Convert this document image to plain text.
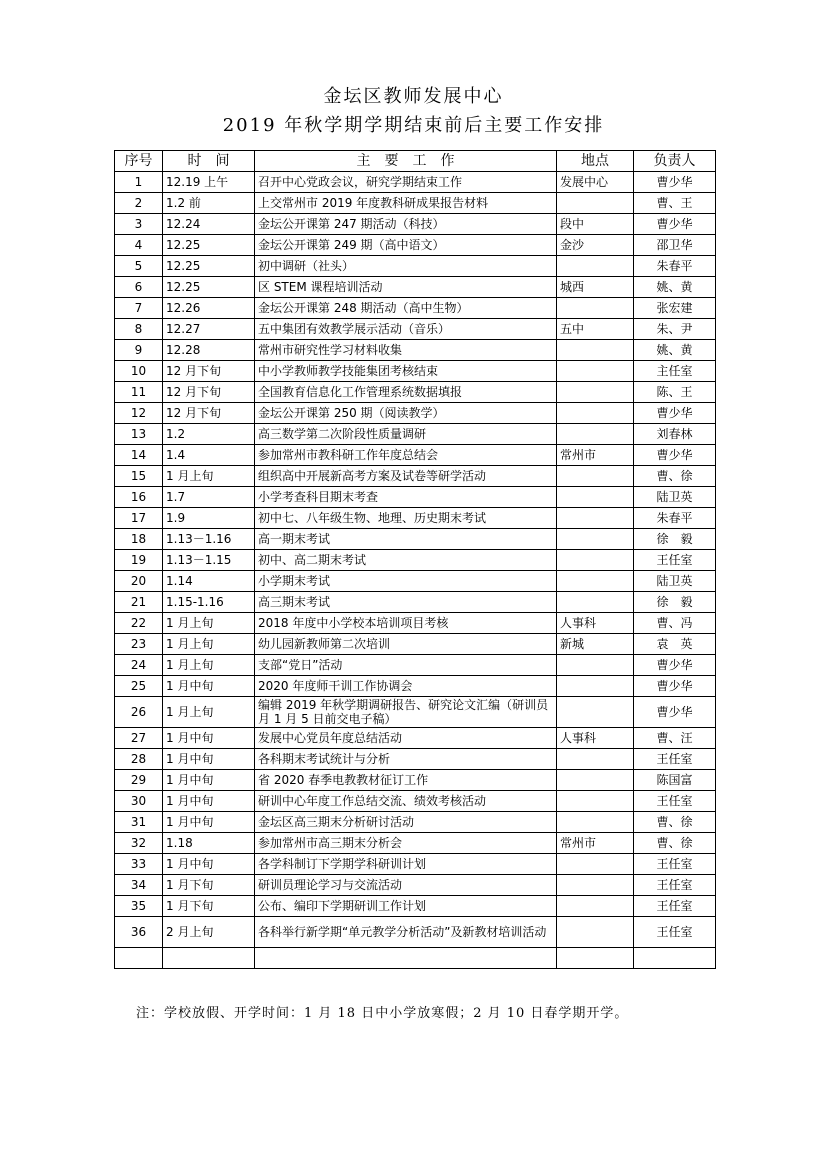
金坛区教师发展中心
2019 年秋学期学期结束前后主要工作安排
序号	时　间	主　要　工　作	地点	负责人
1	12.19 上午	召开中心党政会议，研究学期结束工作	发展中心	曹少华
2	1.2 前	上交常州市 2019 年度教科研成果报告材料		曹、王
3	12.24	金坛公开课第 247 期活动（科技）	段中	曹少华
4	12.25	金坛公开课第 249 期（高中语文）	金沙	邵卫华
5	12.25	初中调研（社头）		朱春平
6	12.25	区 STEM 课程培训活动	城西	姚、黄
7	12.26	金坛公开课第 248 期活动（高中生物）		张宏建
8	12.27	五中集团有效教学展示活动（音乐）	五中	朱、尹
9	12.28	常州市研究性学习材料收集		姚、黄
10	12 月下旬	中小学教师教学技能集团考核结束		主任室
11	12 月下旬	全国教育信息化工作管理系统数据填报		陈、王
12	12 月下旬	金坛公开课第 250 期（阅读教学）		曹少华
13	1.2	高三数学第二次阶段性质量调研		刘春林
14	1.4	参加常州市教科研工作年度总结会	常州市	曹少华
15	1 月上旬	组织高中开展新高考方案及试卷等研学活动		曹、徐
16	1.7	小学考查科目期末考查		陆卫英
17	1.9	初中七、八年级生物、地理、历史期末考试		朱春平
18	1.13－1.16	高一期末考试		徐　毅
19	1.13－1.15	初中、高二期末考试		王任室
20	1.14	小学期末考试		陆卫英
21	1.15-1.16	高三期末考试		徐　毅
22	1 月上旬	2018 年度中小学校本培训项目考核	人事科	曹、冯
23	1 月上旬	幼儿园新教师第二次培训	新城	袁　英
24	1 月上旬	支部“党日”活动		曹少华
25	1 月中旬	2020 年度师干训工作协调会		曹少华
26	1 月上旬	编辑 2019 年秋学期调研报告、研究论文汇编（研训员月 1 月 5 日前交电子稿）		曹少华
27	1 月中旬	发展中心党员年度总结活动	人事科	曹、汪
28	1 月中旬	各科期末考试统计与分析		王任室
29	1 月中旬	省 2020 春季电教教材征订工作		陈国富
30	1 月中旬	研训中心年度工作总结交流、绩效考核活动		王任室
31	1 月中旬	金坛区高三期末分析研讨活动		曹、徐
32	1.18	参加常州市高三期末分析会	常州市	曹、徐
33	1 月中旬	各学科制订下学期学科研训计划		王任室
34	1 月下旬	研训员理论学习与交流活动		王任室
35	1 月下旬	公布、编印下学期研训工作计划		王任室
36	2 月上旬	各科举行新学期“单元教学分析活动”及新教材培训活动		王任室

注：学校放假、开学时间：1 月 18 日中小学放寒假；2 月 10 日春学期开学。
